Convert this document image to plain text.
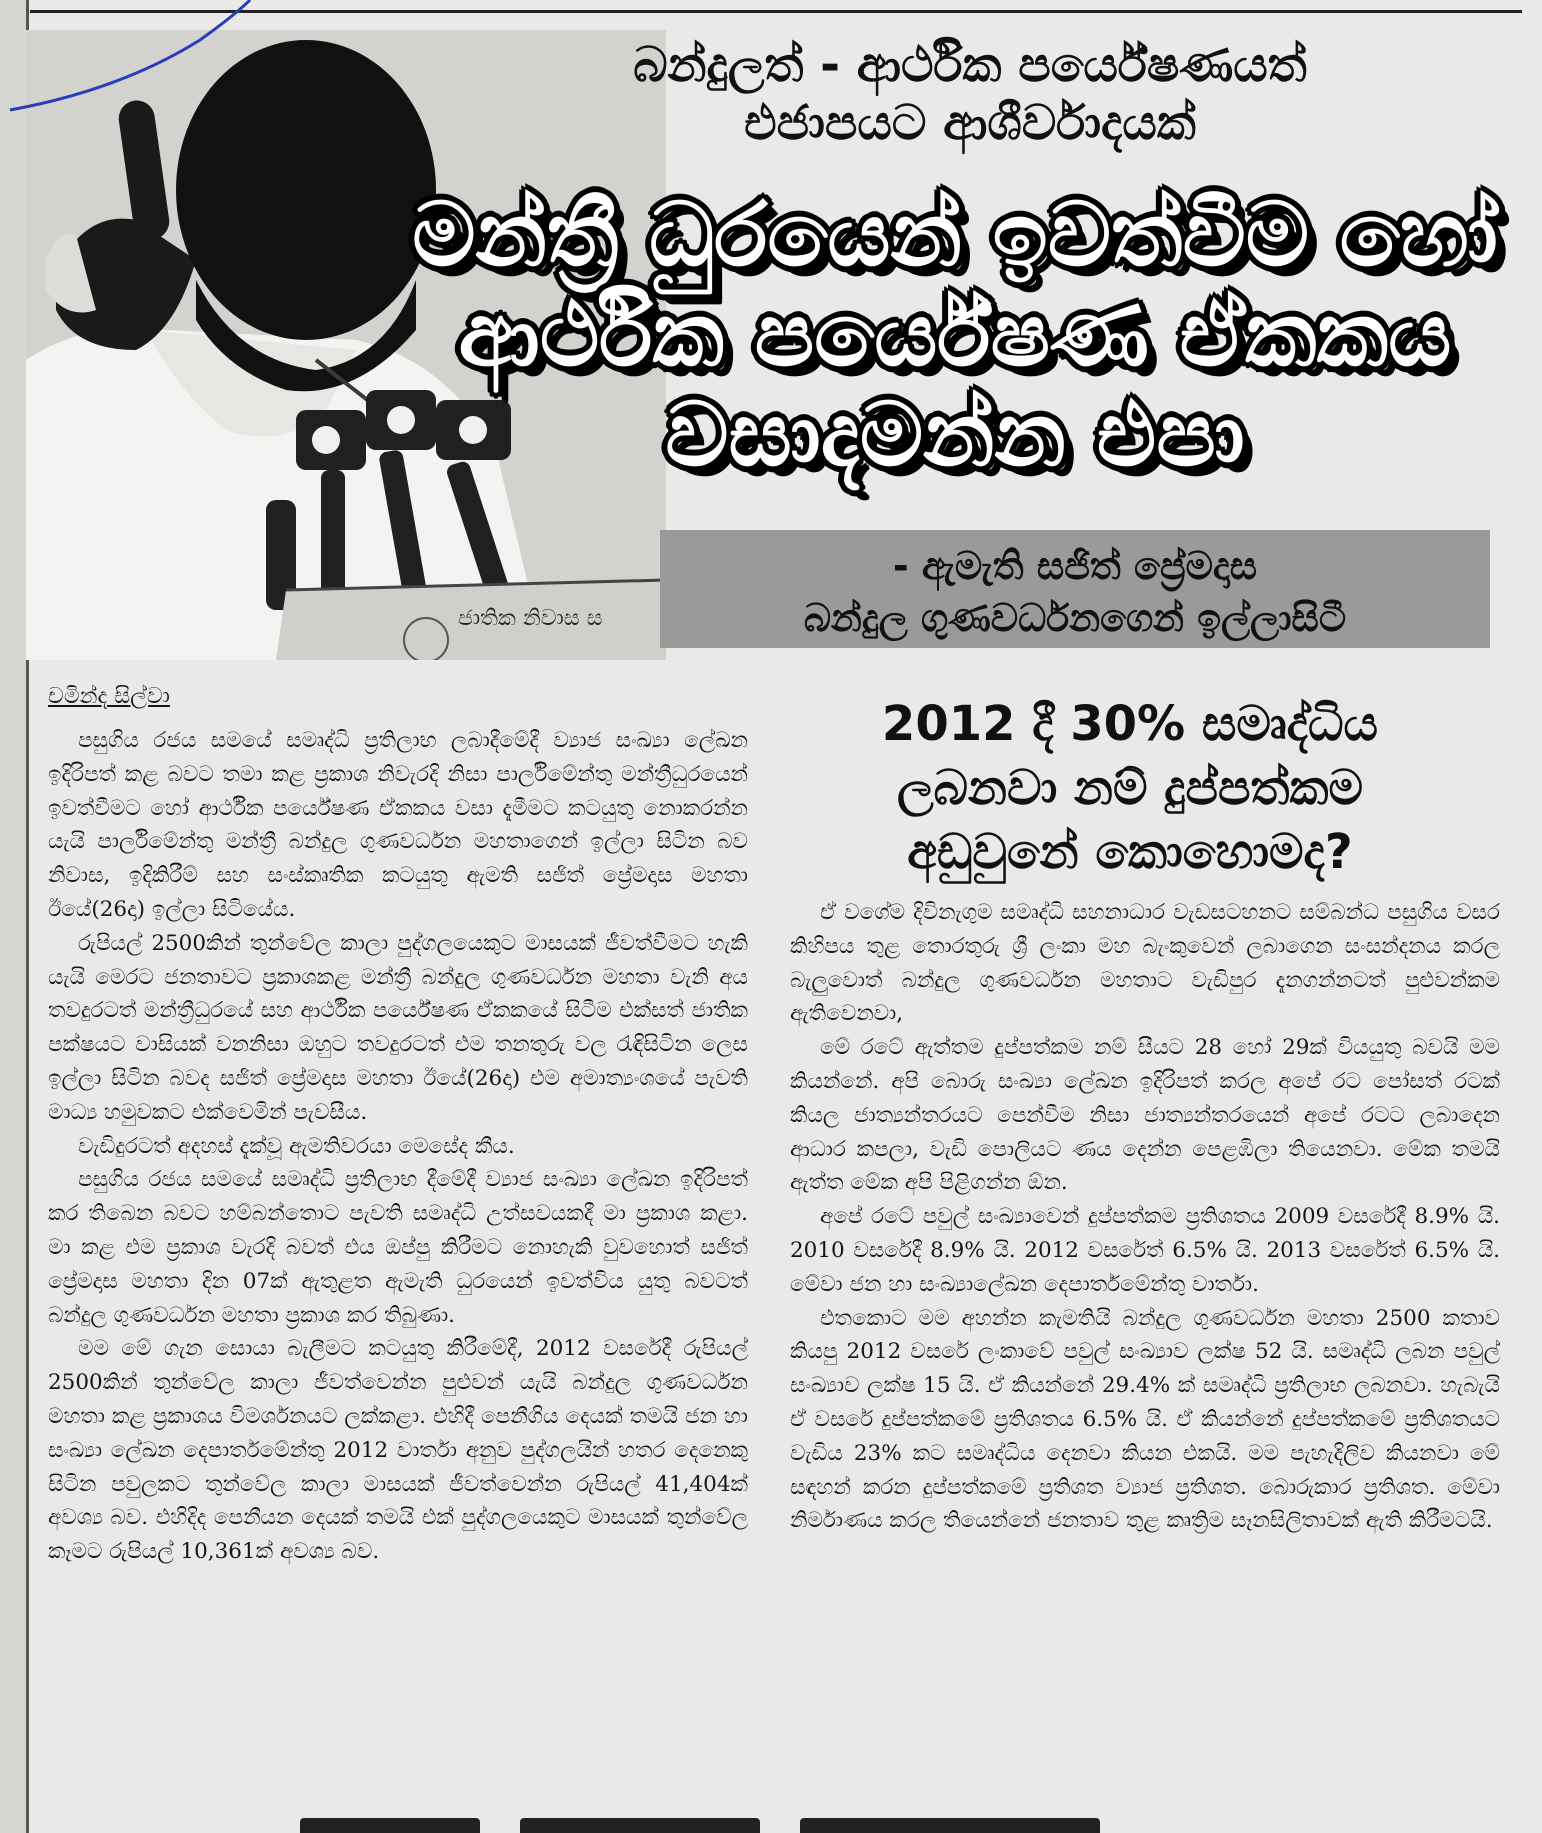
ජාතික නිවාස ස
බන්දුලත් - ආර්ථික පර්යේෂණයත්
එජාපයට ආශීර්වාදයක්
මන්ත්‍රී ධුරයෙන් ඉවත්වීම හෝ
ආර්ථික පර්යේෂණ ඒකකය
වසාදමන්න එපා
- ඇමැති සජිත් ප්‍රේමදාස
බන්දුල ගුණවර්ධනගෙන් ඉල්ලාසිටී
චමින්ද සිල්වා

පසුගිය රජය සමයේ සමෘද්ධි ප්‍රතිලාභ ලබාදීමේදී ව්‍යාජ සංඛ්‍යා ලේඛන ඉදිරිපත් කළ බවට තමා කළ ප්‍රකාශ නිවැරදි නිසා පාර්ලිමේන්තු මන්ත්‍රීධුරයෙන් ඉවත්වීමට හෝ ආර්ථික පර්යේෂණ ඒකකය වසා දැමීමට කටයුතු නොකරන්න යැයි පාර්ලිමේන්තු මන්ත්‍රී බන්දුල ගුණවර්ධන මහතාගෙන් ඉල්ලා සිටින බව නිවාස, ඉදිකිරීම් සහ සංස්කෘතික කටයුතු ඇමති සජිත් ප්‍රේමදාස මහතා ඊයේ(26දා) ඉල්ලා සිටියේය.

රුපියල් 2500කින් තුන්වේල කාලා පුද්ගලයෙකුට මාසයක් ජීවත්වීමට හැකි යැයි මෙරට ජනතාවට ප්‍රකාශකළ මන්ත්‍රී බන්දුල ගුණවර්ධන මහතා වැනි අය තවදුරටත් මන්ත්‍රීධුරයේ සහ ආර්ථික පර්යේෂණ ඒකකයේ සිටීම එක්සත් ජාතික පක්ෂයට වාසියක් වනනිසා ඔහුට තවදුරටත් එම තනතුරු වල රැඳිසිටින ලෙස ඉල්ලා සිටින බවද සජිත් ප්‍රේමදාස මහතා ඊයේ(26දා) එම අමාත්‍යංශයේ පැවති මාධ්‍ය හමුවකට එක්වෙමින් පැවසීය.

වැඩිදුරටත් අදහස් දැක්වූ ඇමතිවරයා මෙසේද කීය.

පසුගිය රජය සමයේ සමෘද්ධි ප්‍රතිලාභ දීමේදී ව්‍යාජ සංඛ්‍යා ලේඛන ඉදිරිපත් කර තිබෙන බවට හම්බන්තොට පැවති සමෘද්ධි උත්සවයකදී මා ප්‍රකාශ කළා. මා කළ එම ප්‍රකාශ වැරදි බවත් එය ඔප්පු කිරීමට නොහැකි වුවහොත් සජිත් ප්‍රේමදාස මහතා දින 07ක් ඇතුළත ඇමැති ධුරයෙන් ඉවත්විය යුතු බවටත් බන්දුල ගුණවර්ධන මහතා ප්‍රකාශ කර තිබුණා.

මම මේ ගැන සොයා බැලීමට කටයුතු කිරීමේදී, 2012 වසරේදී රුපියල් 2500කින් තුන්වේල කාලා ජීවත්වෙන්න පුළුවන් යැයි බන්දුල ගුණවර්ධන මහතා කළ ප්‍රකාශය විමර්ශනයට ලක්කළා. එහිදී පෙනීගිය දෙයක් තමයි ජන හා සංඛ්‍යා ලේඛන දෙපාර්තමේන්තු 2012 වාර්තා අනුව පුද්ගලයින් හතර දෙනෙකු සිටින පවුලකට තුන්වේල කාලා මාසයක් ජීවත්වෙන්න රුපියල් 41,404ක් අවශ්‍ය බව. එහිදිද පෙනීයන දෙයක් තමයි එක් පුද්ගලයෙකුට මාසයක් තුන්වේල කෑමට රුපියල් 10,361ක් අවශ්‍ය බව.

2012 දී 30% සමෘද්ධිය
ලබනවා නම් දුප්පත්කම
අඩුවුනේ කොහොමද?

ඒ වගේම දිවිනැගුම සමෘද්ධි සහනාධාර වැඩසටහනට සම්බන්ධ පසුගිය වසර කිහිපය තුළ තොරතුරු ශ්‍රී ලංකා මහ බැංකුවෙන් ලබාගෙන සංසන්දනය කරල බැලුවොත් බන්දුල ගුණවර්ධන මහතාට වැඩිපුර දැනගන්නටත් පුළුවන්කම ඇතිවෙනවා,

මේ රටේ ඇත්තම දුප්පත්කම නම් සීයට 28 හෝ 29ක් වියයුතු බවයි මම කියන්නේ. අපි බොරු සංඛ්‍යා ලේඛන ඉදිරිපත් කරල අපේ රට පෝසත් රටක් කියල ජාත්‍යන්තරයට පෙන්වීම නිසා ජාත්‍යන්තරයෙන් අපේ රටට ලබාදෙන ආධාර කපලා, වැඩි පොලියට ණය දෙන්න පෙළඹිලා තියෙනවා. මේක තමයි ඇත්ත මේක අපි පිළිගන්න ඕන.

අපේ රටේ පවුල් සංඛ්‍යාවෙන් දුප්පත්කම ප්‍රතිශතය 2009 වසරේදී 8.9% යි. 2010 වසරේදී 8.9% යි. 2012 වසරේත් 6.5% යි. 2013 වසරේත් 6.5% යි. මේවා ජන හා සංඛ්‍යාලේඛන දෙපාර්තමේන්තු වාර්තා.

එතකොට මම අහන්න කැමතියි බන්දුල ගුණවර්ධන මහතා 2500 කතාව කියපු 2012 වසරේ ලංකාවේ පවුල් සංඛ්‍යාව ලක්ෂ 52 යි. සමෘද්ධි ලබන පවුල් සංඛ්‍යාව ලක්ෂ 15 යි. ඒ කියන්නේ 29.4% ක් සමෘද්ධි ප්‍රතිලාභ ලබනවා. හැබැයි ඒ වසරේ දුප්පත්කමේ ප්‍රතිශතය 6.5% යි. ඒ කියන්නේ දුප්පත්කමේ ප්‍රතිශතයට වැඩිය 23% කට සමෘද්ධිය දෙනවා කියන එකයි. මම පැහැදිලිව කියනවා මේ සඳහන් කරන දුප්පත්කමේ ප්‍රතිශත ව්‍යාජ ප්‍රතිශත. බොරුකාර ප්‍රතිශත. මේවා නිර්මාණය කරල තියෙන්නේ ජනතාව තුළ කෘත්‍රිම සෑනසිලිතාවක් ඇති කිරීමටයි.
